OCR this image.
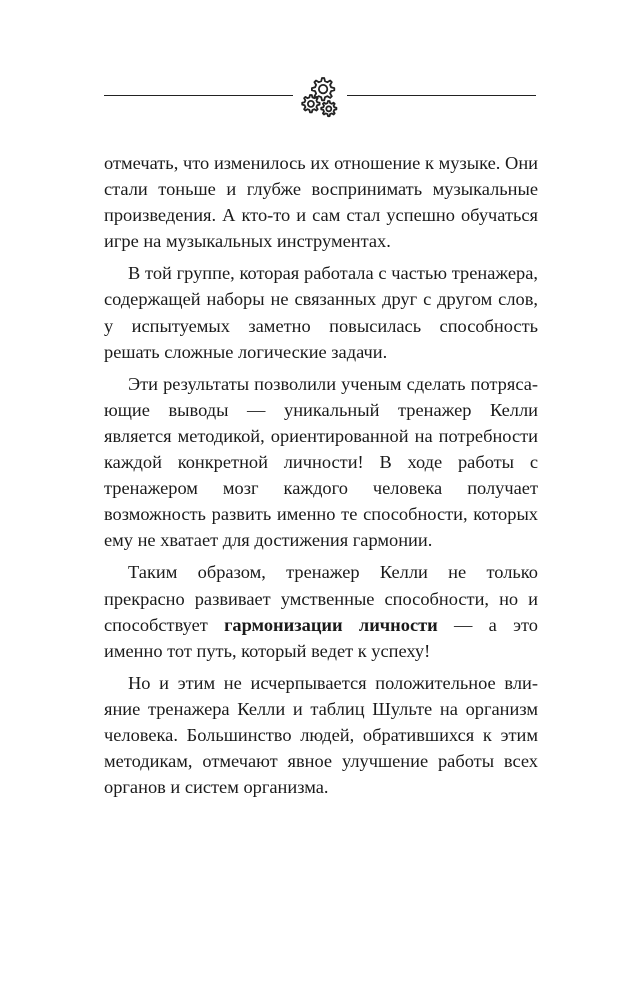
отмечать, что изменилось их отношение к музыке. Они стали тоньше и глубже воспринимать музыкальные произведения. А кто-то и сам стал успешно обучаться игре на музыкальных инструментах.

В той группе, которая работала с частью тренажера, содержащей наборы не связанных друг с другом слов, у испытуемых заметно повысилась способность решать сложные логические задачи.

Эти результаты позволили ученым сделать потрясающие выводы — уникальный тренажер Келли является методикой, ориентированной на потребности каждой конкретной личности! В ходе работы с тренажером мозг каждого человека получает возможность развить именно те способности, которых ему не хватает для достижения гармонии.

Таким образом, тренажер Келли не только прекрасно развивает умственные способности, но и способствует гармонизации личности — а это именно тот путь, который ведет к успеху!

Но и этим не исчерпывается положительное влияние тренажера Келли и таблиц Шульте на организм человека. Большинство людей, обратившихся к этим методикам, отмечают явное улучшение работы всех органов и систем организма.
